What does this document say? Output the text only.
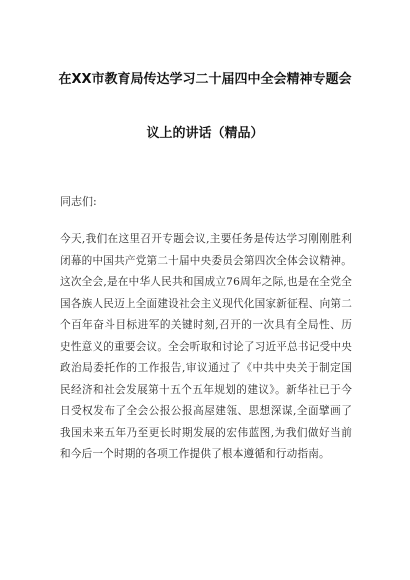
在XX市教育局传达学习二十届四中全会精神专题会
议上的讲话（精品）
同志们:
今天,我们在这里召开专题会议,主要任务是传达学习刚刚胜利闭幕的中国共产党第二十届中央委员会第四次全体会议精神。这次全会,是在中华人民共和国成立76周年之际,也是在全党全国各族人民迈上全面建设社会主义现代化国家新征程、向第二个百年奋斗目标进军的关键时刻,召开的一次具有全局性、历史性意义的重要会议。全会听取和讨论了习近平总书记受中央政治局委托作的工作报告,审议通过了《中共中央关于制定国民经济和社会发展第十五个五年规划的建议》。新华社已于今日受权发布了全会公报公报高屋建瓴、思想深谋,全面擘画了我国未来五年乃至更长时期发展的宏伟蓝图,为我们做好当前和今后一个时期的各项工作提供了根本遵循和行动指南。
